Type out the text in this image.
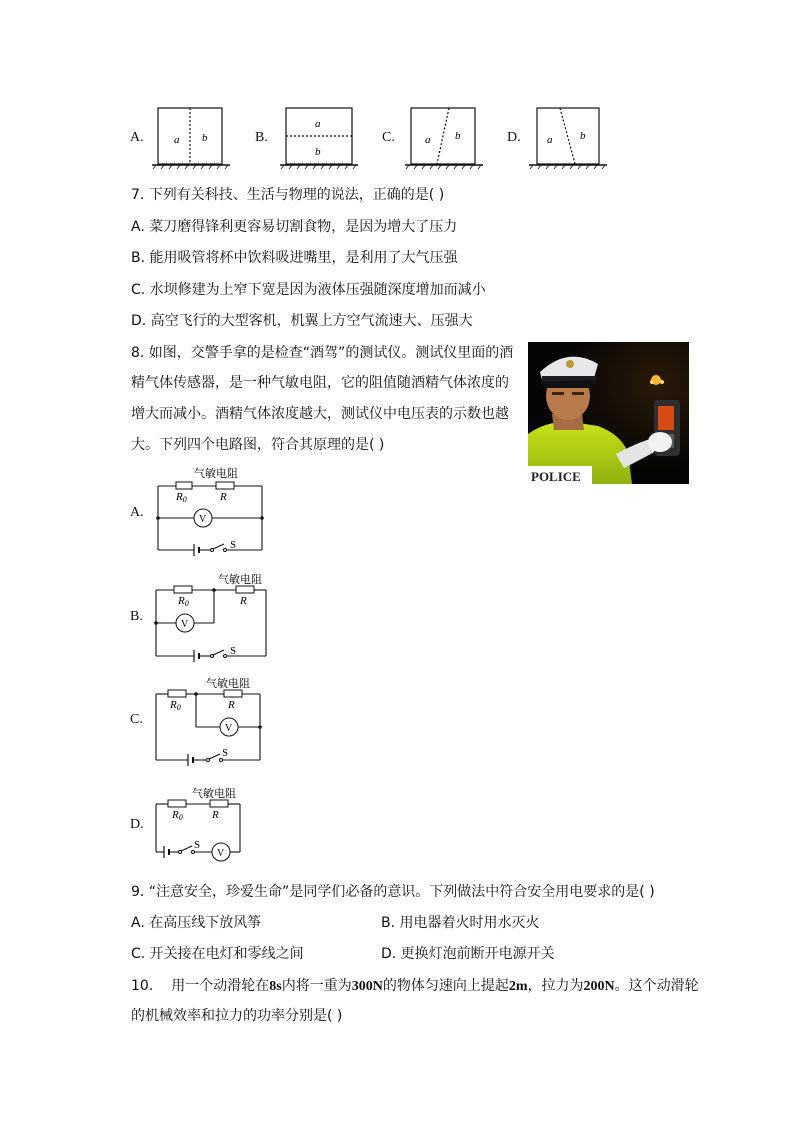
A.	a b	B.
a
b
C.	a b	D. a	b
7. 下列有关科技、生活与物理的说法，正确的是( )
A. 菜刀磨得锋利更容易切割食物，是因为增大了压力
B. 能用吸管将杯中饮料吸进嘴里，是利用了大气压强
C. 水坝修建为上窄下宽是因为液体压强随深度增加而减小
D. 高空飞行的大型客机，机翼上方空气流速大、压强大
8. 如图，交警手拿的是检查“酒驾”的测试仪。测试仪里面的酒
精气体传感器，是一种气敏电阻，它的阻值随酒精气体浓度的
增大而减小。酒精气体浓度越大，测试仪中电压表的示数也越
大。下列四个电路图，符合其原理的是( )
POLICE
A.
气敏电阻
R0	R
V
S
B.
气敏电阻
R0	R
V
S
C.
气敏电阻
R0	R
V
S
D.
气敏电阻
R0	R
S
V
9. “注意安全，珍爱生命”是同学们必备的意识。下列做法中符合安全用电要求的是( )
A. 在高压线下放风筝	B. 用电器着火时用水灭火
C. 开关接在电灯和零线之间	D. 更换灯泡前断开电源开关
10. 用一个动滑轮在8s内将一重为300N的物体匀速向上提起2m，拉力为200N。这个动滑轮
的机械效率和拉力的功率分别是( )
